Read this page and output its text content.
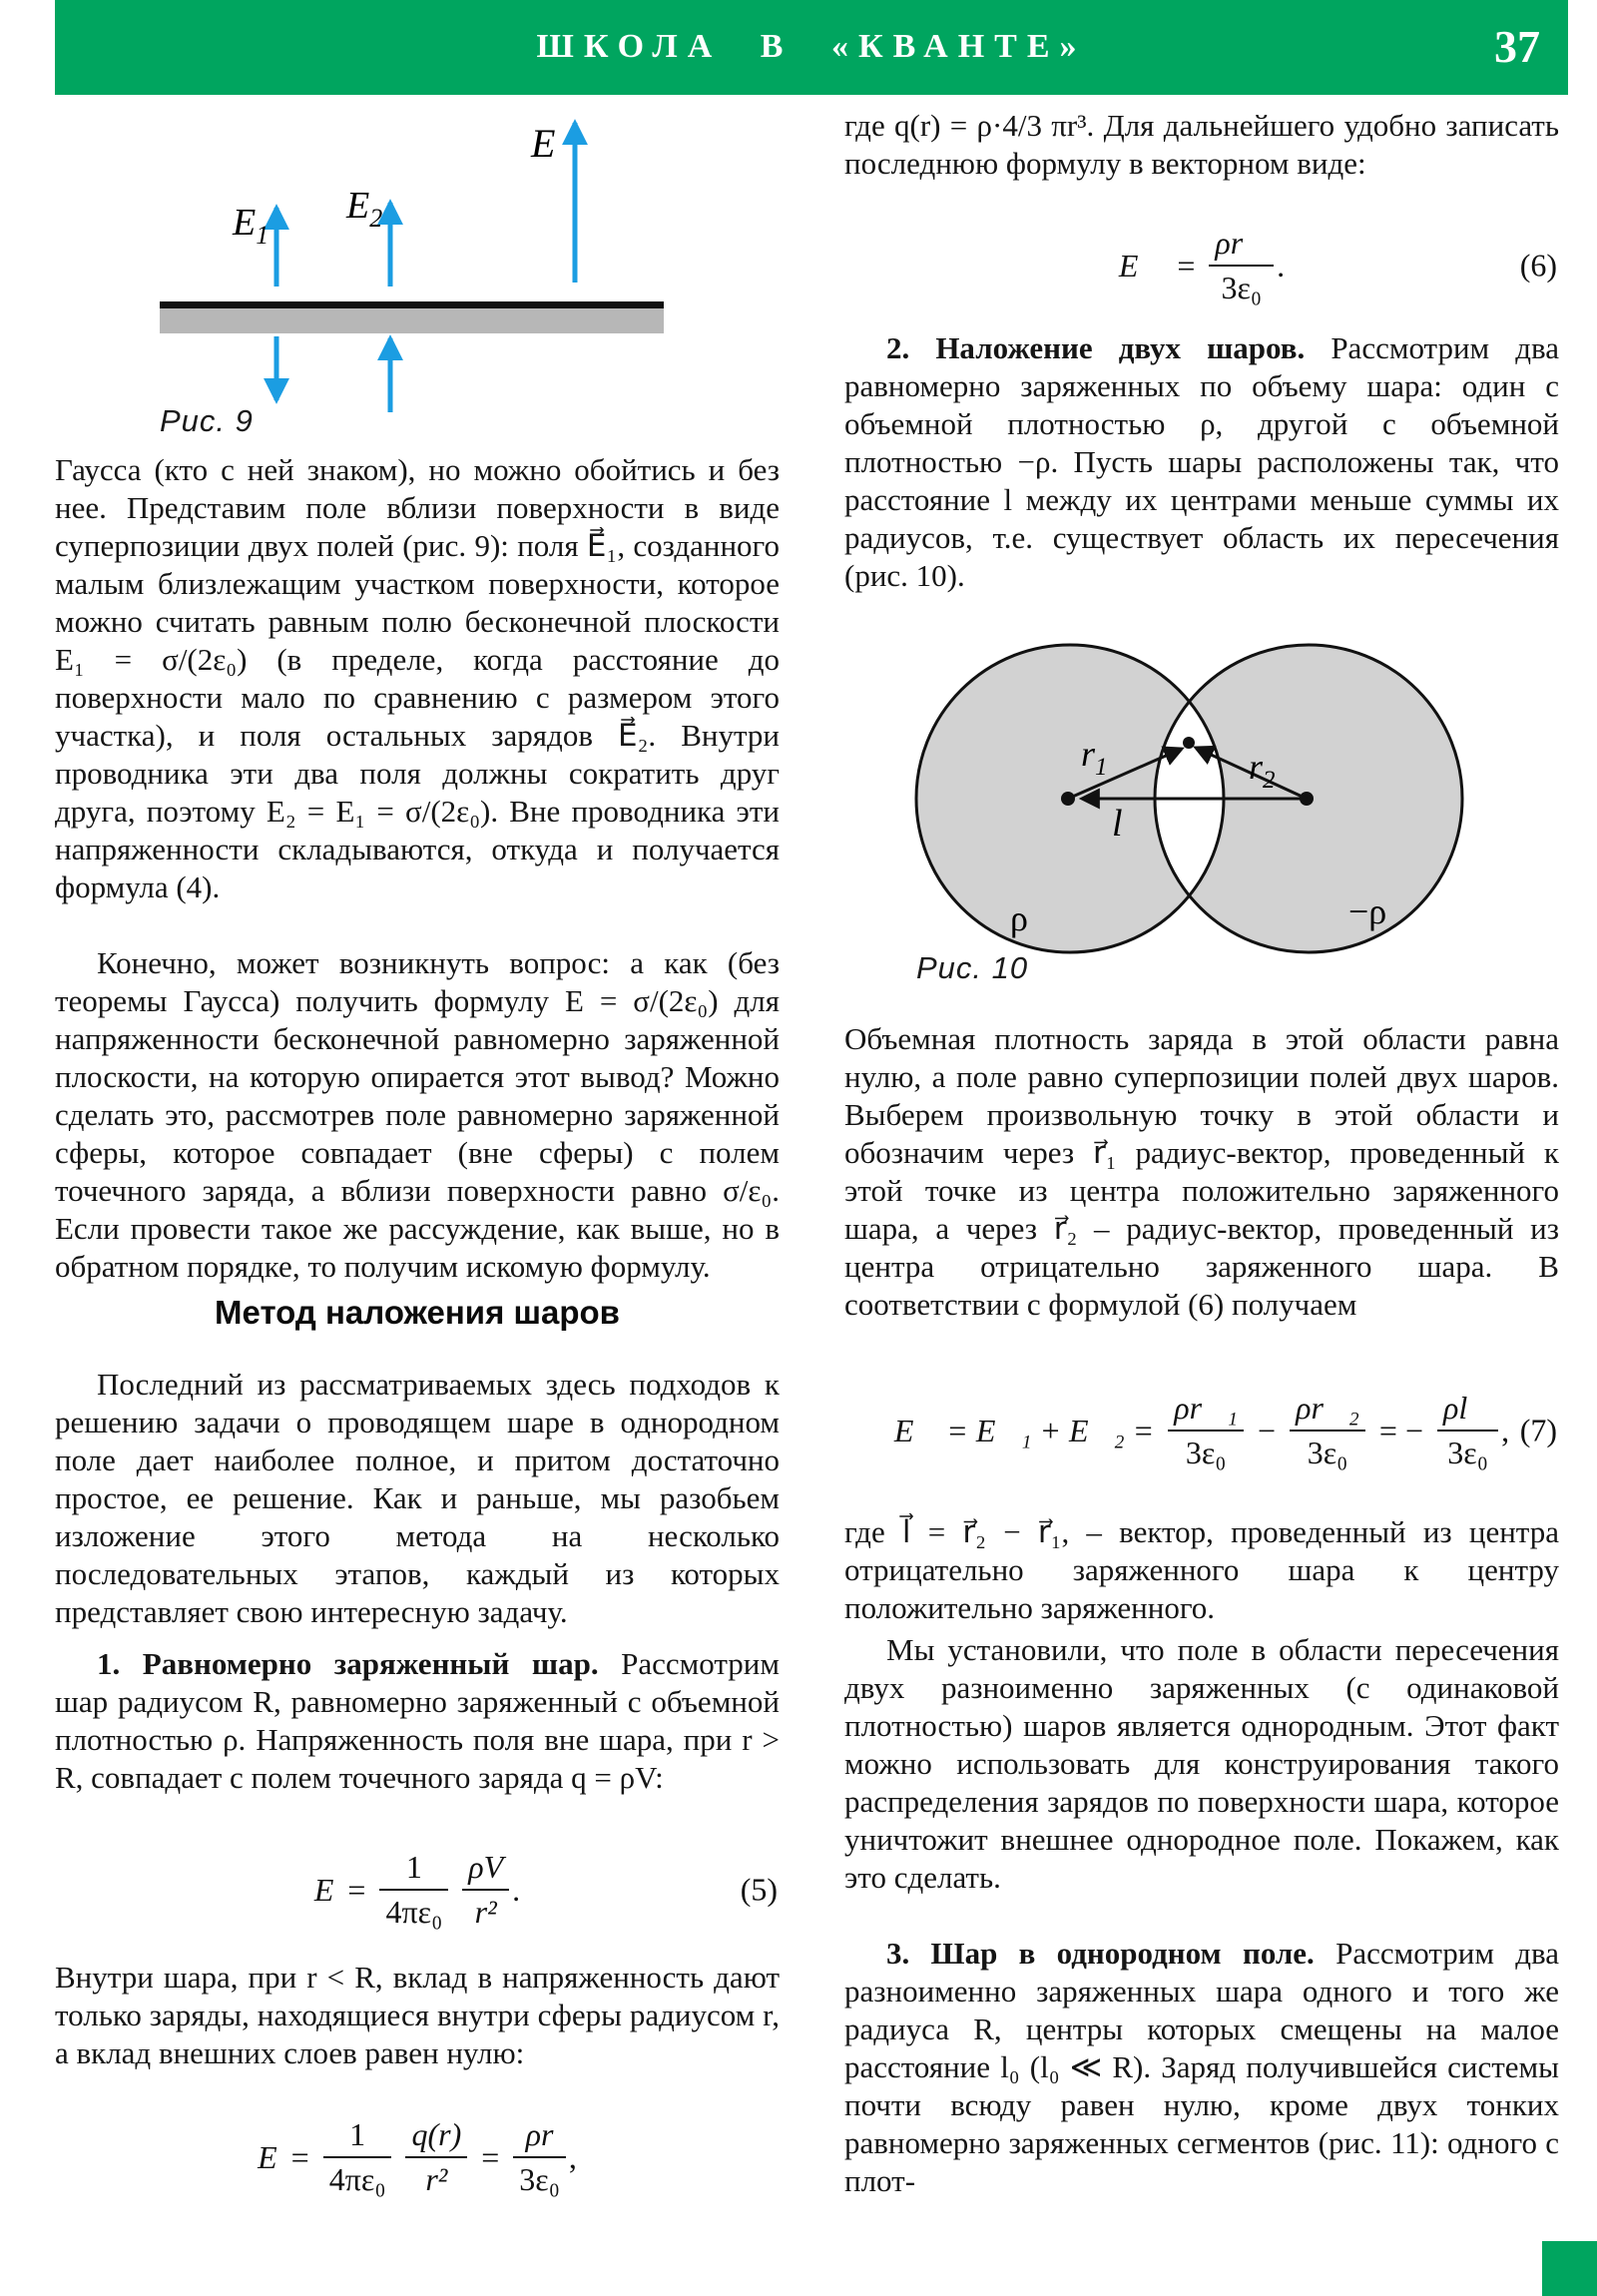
ШКОЛА В «КВАНТЕ»	37
$E_1$
$E_2$
E
Рис. 9

Гаусса (кто с ней знаком), но можно обойтись и без нее. Представим поле вблизи поверхности в виде суперпозиции двух полей (рис. 9): поля E⃗₁, созданного малым близлежащим участком поверхности, которое можно считать равным полю бесконечной плоскости E₁ = σ/(2ε₀) (в пределе, когда расстояние до поверхности мало по сравнению с размером этого участка), и поля остальных зарядов E⃗₂. Внутри проводника эти два поля должны сократить друг друга, поэтому E₂ = E₁ = σ/(2ε₀). Вне проводника эти напряженности складываются, откуда и получается формула (4).

Конечно, может возникнуть вопрос: а как (без теоремы Гаусса) получить формулу E = σ/(2ε₀) для напряженности бесконечной равномерно заряженной плоскости, на которую опирается этот вывод? Можно сделать это, рассмотрев поле равномерно заряженной сферы, которое совпадает (вне сферы) с полем точечного заряда, а вблизи поверхности равно σ/ε₀. Если провести такое же рассуждение, как выше, но в обратном порядке, то получим искомую формулу.

Метод наложения шаров

Последний из рассматриваемых здесь подходов к решению задачи о проводящем шаре в однородном поле дает наиболее полное, и притом достаточно простое, ее решение. Как и раньше, мы разобьем изложение этого метода на несколько последовательных этапов, каждый из которых представляет свою интересную задачу.

1. Равномерно заряженный шар. Рассмотрим шар радиусом R, равномерно заряженный с объемной плотностью ρ. Напряженность поля вне шара, при r > R, совпадает с полем точечного заряда q = ρV:

$E = \frac{1}{\text{4πε₀}} \frac{\rho V}{\text{r²}}$ .	(5)

Внутри шара, при r < R, вклад в напряженность дают только заряды, находящиеся внутри сферы радиусом r, а вклад внешних слоев равен нулю:

$E = \frac{1}{\text{4πε₀}} \frac{q(r)}{\text{r²}} = \frac{\rho r}{\text{3ε₀}}$ ,

где q(r) = ρ·4/3 πr³. Для дальнейшего удобно записать последнюю формулу в векторном виде:

E⃗ = $\frac{\rho r⃗}{\text{3ε₀}}$ .	(6)

2. Наложение двух шаров. Рассмотрим два равномерно заряженных по объему шара: один с объемной плотностью ρ, другой с объемной плотностью −ρ. Пусть шары расположены так, что расстояние l между их центрами меньше суммы их радиусов, т.е. существует область их пересечения (рис. 10).

$r_1$	$r_2$
l
ρ	−ρ
Рис. 10

Объемная плотность заряда в этой области равна нулю, а поле равно суперпозиции полей двух шаров. Выберем произвольную точку в этой области и обозначим через r⃗₁ радиус-вектор, проведенный к этой точке из центра положительно заряженного шара, а через r⃗₂ – радиус-вектор, проведенный из центра отрицательно заряженного шара. В соответствии с формулой (6) получаем

E⃗ = E⃗₁ + E⃗₂ = $\frac{\text{ρr⃗₁}}{\text{3ε₀}} - \frac{\text{ρr⃗₂}}{\text{3ε₀}}$ = − $\frac{\rho l⃗}{\text{3ε₀}}$ , (7)

где l⃗ = r⃗₂ − r⃗₁, – вектор, проведенный из центра отрицательно заряженного шара к центру положительно заряженного.

Мы установили, что поле в области пересечения двух разноименно заряженных (с одинаковой плотностью) шаров является однородным. Этот факт можно использовать для конструирования такого распределения зарядов по поверхности шара, которое уничтожит внешнее однородное поле. Покажем, как это сделать.

3. Шар в однородном поле. Рассмотрим два разноименно заряженных шара одного и того же радиуса R, центры которых смещены на малое расстояние l₀ (l₀ ≪ R). Заряд получившейся системы почти всюду равен нулю, кроме двух тонких равномерно заряженных сегментов (рис. 11): одного с плот-
